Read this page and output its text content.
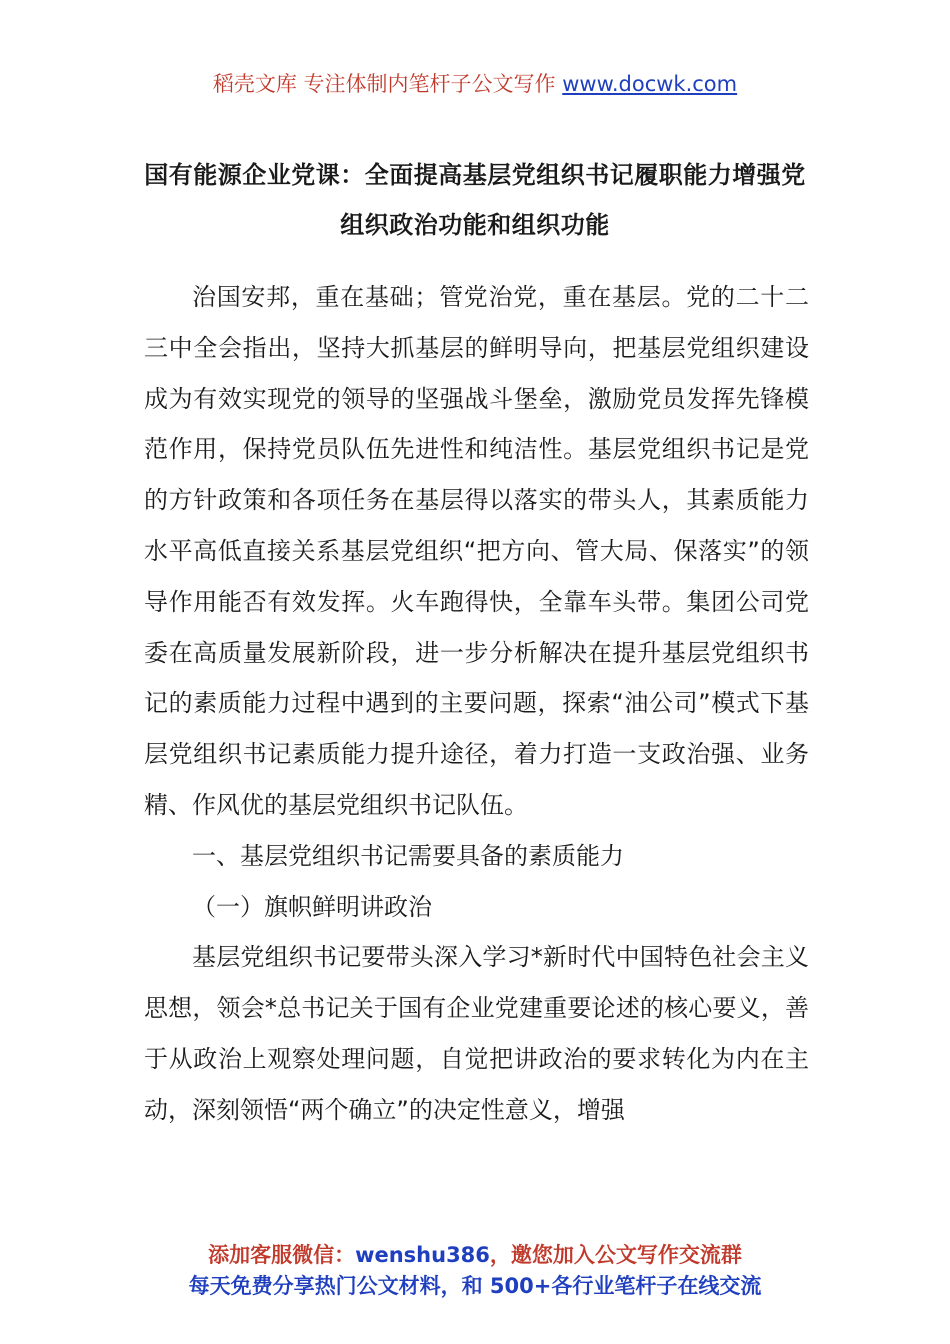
稻壳文库 专注体制内笔杆子公文写作 www.docwk.com
国有能源企业党课：全面提高基层党组织书记履职能力增强党组织政治功能和组织功能

治国安邦，重在基础；管党治党，重在基层。党的二十二三中全会指出，坚持大抓基层的鲜明导向，把基层党组织建设成为有效实现党的领导的坚强战斗堡垒，激励党员发挥先锋模范作用，保持党员队伍先进性和纯洁性。基层党组织书记是党的方针政策和各项任务在基层得以落实的带头人，其素质能力水平高低直接关系基层党组织“把方向、管大局、保落实”的领导作用能否有效发挥。火车跑得快，全靠车头带。集团公司党委在高质量发展新阶段，进一步分析解决在提升基层党组织书记的素质能力过程中遇到的主要问题，探索“油公司”模式下基层党组织书记素质能力提升途径，着力打造一支政治强、业务精、作风优的基层党组织书记队伍。

一、基层党组织书记需要具备的素质能力

（一）旗帜鲜明讲政治

基层党组织书记要带头深入学习*新时代中国特色社会主义思想，领会*总书记关于国有企业党建重要论述的核心要义，善于从政治上观察处理问题，自觉把讲政治的要求转化为内在主动，深刻领悟“两个确立”的决定性意义，增强

添加客服微信：wenshu386，邀您加入公文写作交流群
每天免费分享热门公文材料，和 500+各行业笔杆子在线交流
